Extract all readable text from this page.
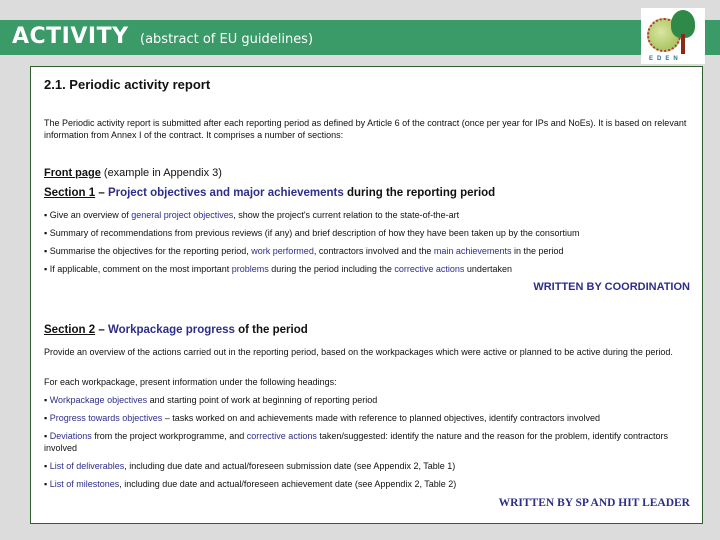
ACTIVITY (abstract of EU guidelines)
EDEN
2.1. Periodic activity report
The Periodic activity report is submitted after each reporting period as defined by Article 6 of the contract (once per year for IPs and NoEs). It is based on relevant information from Annex I of the contract. It comprises a number of sections:
Front page (example in Appendix 3)
Section 1 – Project objectives and major achievements during the reporting period
▪ Give an overview of general project objectives, show the project's current relation to the state-of-the-art
▪ Summary of recommendations from previous reviews (if any) and brief description of how they have been taken up by the consortium
▪ Summarise the objectives for the reporting period, work performed, contractors involved and the main achievements in the period
▪ If applicable, comment on the most important problems during the period including the corrective actions undertaken
WRITTEN BY COORDINATION
Section 2 – Workpackage progress of the period
Provide an overview of the actions carried out in the reporting period, based on the workpackages which were active or planned to be active during the period.
For each workpackage, present information under the following headings:
▪ Workpackage objectives and starting point of work at beginning of reporting period
▪ Progress towards objectives – tasks worked on and achievements made with reference to planned objectives, identify contractors involved
▪ Deviations from the project workprogramme, and corrective actions taken/suggested: identify the nature and the reason for the problem, identify contractors involved
▪ List of deliverables, including due date and actual/foreseen submission date (see Appendix 2, Table 1)
▪ List of milestones, including due date and actual/foreseen achievement date (see Appendix 2, Table 2)
WRITTEN BY SP AND HIT LEADER
